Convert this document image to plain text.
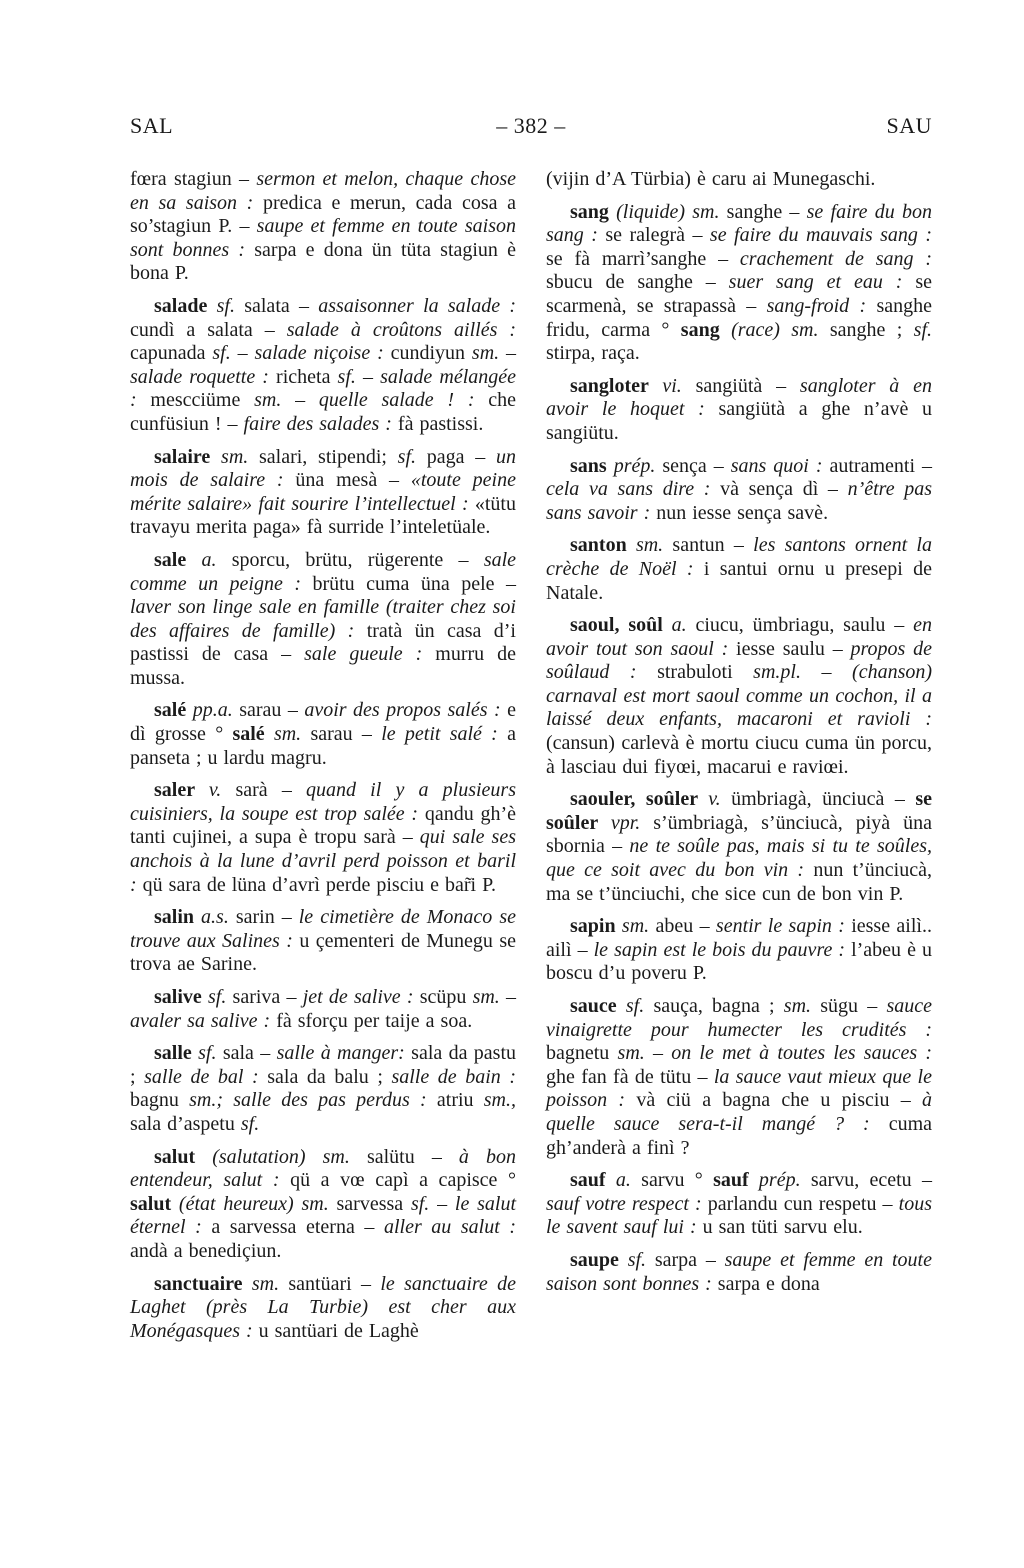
SAL	– 382 –	SAU

fœra stagiun – sermon et melon, chaque chose en sa saison : predica e merun, cada cosa a so’stagiun P. – saupe et femme en toute saison sont bonnes : sarpa e dona ün tüta stagiun è bona P.

salade sf. salata – assaisonner la salade : cundì a salata – salade à croûtons aillés : capunada sf. – salade niçoise : cundiyun sm. – salade roquette : richeta sf. – salade mélangée : mescciüme sm. – quelle salade ! : che cunfüsiun ! – faire des salades : fà pastissi.

salaire sm. salari, stipendi; sf. paga – un mois de salaire : üna mesà – «toute peine mérite salaire» fait sourire l’intellectuel : «tütu travayu merita paga» fà surride l’inteletüale.

sale a. sporcu, brütu, rügerente – sale comme un peigne : brütu cuma üna pele – laver son linge sale en famille (traiter chez soi des affaires de famille) : tratà ün casa d’i pastissi de casa – sale gueule : murru de mussa.

salé pp.a. sarau – avoir des propos salés : e dì grosse ° salé sm. sarau – le petit salé : a panseta ; u lardu magru.

saler v. sarà – quand il y a plusieurs cuisiniers, la soupe est trop salée : qandu gh’è tanti cujinei, a supa è tropu sarà – qui sale ses anchois à la lune d’avril perd poisson et baril : qü sara de lüna d’avrì perde pisciu e bar̃i P.

salin a.s. sarin – le cimetière de Monaco se trouve aux Salines : u çementeri de Munegu se trova ae Sarine.

salive sf. sariva – jet de salive : scüpu sm. – avaler sa salive : fà sforçu per taije a soa.

salle sf. sala – salle à manger: sala da pastu ; salle de bal : sala da balu ; salle de bain : bagnu sm.; salle des pas perdus : atriu sm., sala d’aspetu sf.

salut (salutation) sm. salütu – à bon entendeur, salut : qü a vœ capì a capisce ° salut (état heureux) sm. sarvessa sf. – le salut éternel : a sarvessa eterna – aller au salut : andà a benediçiun.

sanctuaire sm. santüari – le sanctuaire de Laghet (près La Turbie) est cher aux Monégasques : u santüari de Laghè

(vijin d’A Türbia) è caru ai Munegaschi.

sang (liquide) sm. sanghe – se faire du bon sang : se ralegrà – se faire du mauvais sang : se fà marrì’sanghe – crachement de sang : sbucu de sanghe – suer sang et eau : se scarmenà, se strapassà – sang-froid : sanghe fridu, carma ° sang (race) sm. sanghe ; sf. stirpa, raça.

sangloter vi. sangiütà – sangloter à en avoir le hoquet : sangiütà a ghe n’avè u sangiütu.

sans prép. sença – sans quoi : autramenti – cela va sans dire : và sença dì – n’être pas sans savoir : nun iesse sença savè.

santon sm. santun – les santons ornent la crèche de Noël : i santui ornu u presepi de Natale.

saoul, soûl a. ciucu, ümbriagu, saulu – en avoir tout son saoul : iesse saulu – propos de soûlaud : strabuloti sm.pl. – (chanson) carnaval est mort saoul comme un cochon, il a laissé deux enfants, macaroni et ravioli : (cansun) carlevà è mortu ciucu cuma ün porcu, à lasciau dui fiyœi, macarui e raviœi.

saouler, soûler v. ümbriagà, ünciucà – se soûler vpr. s’ümbriagà, s’ünciucà, piyà üna sbornia – ne te soûle pas, mais si tu te soûles, que ce soit avec du bon vin : nun t’ünciucà, ma se t’ünciuchi, che sice cun de bon vin P.

sapin sm. abeu – sentir le sapin : iesse ailì.. ailì – le sapin est le bois du pauvre : l’abeu è u boscu d’u poveru P.

sauce sf. sauça, bagna ; sm. sügu – sauce vinaigrette pour humecter les crudités : bagnetu sm. – on le met à toutes les sauces : ghe fan fà de tütu – la sauce vaut mieux que le poisson : và ciü a bagna che u pisciu – à quelle sauce sera-t-il mangé ? : cuma gh’anderà a finì ?

sauf a. sarvu ° sauf prép. sarvu, ecetu – sauf votre respect : parlandu cun respetu – tous le savent sauf lui : u san tüti sarvu elu.

saupe sf. sarpa – saupe et femme en toute saison sont bonnes : sarpa e dona
